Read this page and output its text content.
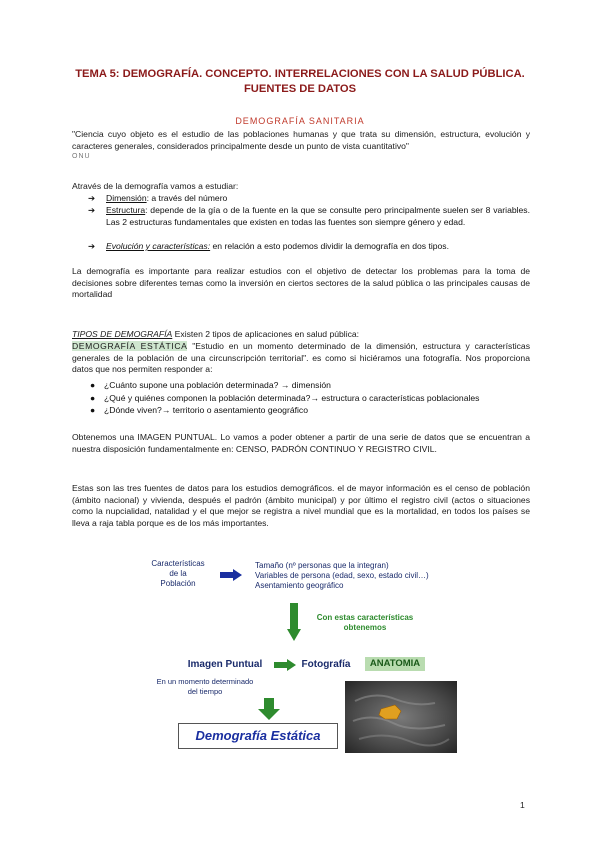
TEMA 5: DEMOGRAFÍA. CONCEPTO. INTERRELACIONES CON LA SALUD PÚBLICA.
FUENTES DE DATOS
DEMOGRAFÍA SANITARIA
"Ciencia cuyo objeto es el estudio de las poblaciones humanas y que trata su dimensión, estructura, evolución y caracteres generales, considerados principalmente desde un punto de vista cuantitativo"
ONU
Através de la demografía vamos a estudiar:
➔ Dimensión: a través del número
➔ Estructura: depende de la gía o de la fuente en la que se consulte pero principalmente suelen ser 8 variables. Las 2 estructuras fundamentales que existen en todas las fuentes son siempre género y edad.
➔ Evolución y características: en relación a esto podemos dividir la demografía en dos tipos.
La demografía es importante para realizar estudios con el objetivo de detectar los problemas para la toma de decisiones sobre diferentes temas como la inversión en ciertos sectores de la salud pública o las principales causas de mortalidad
TIPOS DE DEMOGRAFÍA Existen 2 tipos de aplicaciones en salud pública:
DEMOGRAFÍA ESTÁTICA "Estudio en un momento determinado de la dimensión, estructura y características generales de la población de una circunscripción territorial". es como si hiciéramos una fotografía. Nos proporciona datos que nos permiten responder a:
● ¿Cuánto supone una población determinada? → dimensión
● ¿Qué y quiénes componen la población determinada?→ estructura o características poblacionales
● ¿Dónde viven?→ territorio o asentamiento geográfico
Obtenemos una IMAGEN PUNTUAL. Lo vamos a poder obtener a partir de una serie de datos que se encuentran a nuestra disposición fundamentalmente en: CENSO, PADRÓN CONTINUO Y REGISTRO CIVIL.
Estas son las tres fuentes de datos para los estudios demográficos. el de mayor información es el censo de población (ámbito nacional) y vivienda, después el padrón (ámbito municipal) y por último el registro civil (actos o situaciones como la nupcialidad, natalidad y el que mejor se registra a nivel mundial que es la mortalidad, en todos los países se lleva a raja tabla porque es de los más importantes.
Características
de la
Población
Tamaño (nº personas que la integran)
Variables de persona (edad, sexo, estado civil…)
Asentamiento geográfico
Con estas características
obtenemos
Imagen Puntual	Fotografía	ANATOMIA
En un momento determinado
del tiempo
Demografía Estática
1
